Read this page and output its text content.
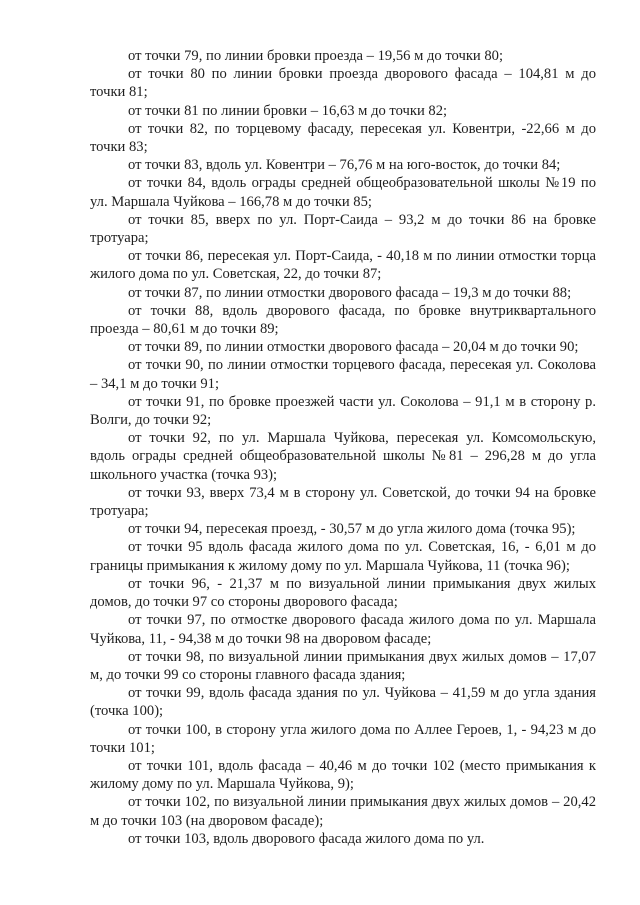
от точки 79, по линии бровки проезда – 19,56 м до точки 80;

от точки 80 по линии бровки проезда дворового фасада – 104,81 м до точки 81;

от точки 81 по линии бровки – 16,63 м до точки 82;

от точки 82, по торцевому фасаду, пересекая ул. Ковентри, -22,66 м до точки 83;

от точки 83, вдоль ул. Ковентри – 76,76 м на юго-восток, до точки 84;

от точки 84, вдоль ограды средней общеобразовательной школы №19 по ул. Маршала Чуйкова – 166,78 м до точки 85;

от точки 85, вверх по ул. Порт-Саида – 93,2 м до точки 86 на бровке тротуара;

от точки 86, пересекая ул. Порт-Саида, - 40,18 м по линии отмостки торца жилого дома по ул. Советская, 22, до точки 87;

от точки 87, по линии отмостки дворового фасада – 19,3 м до точки 88;

от точки 88, вдоль дворового фасада, по бровке внутриквартального проезда – 80,61 м до точки 89;

от точки 89, по линии отмостки дворового фасада – 20,04 м до точки 90;

от точки 90, по линии отмостки торцевого фасада, пересекая ул. Соколова – 34,1 м до точки 91;

от точки 91, по бровке проезжей части ул. Соколова – 91,1 м в сторону р. Волги, до точки 92;

от точки 92, по ул. Маршала Чуйкова, пересекая ул. Комсомольскую, вдоль ограды средней общеобразовательной школы №81 – 296,28 м до угла школьного участка (точка 93);

от точки 93, вверх 73,4 м в сторону ул. Советской, до точки 94 на бровке тротуара;

от точки 94, пересекая проезд, - 30,57 м до угла жилого дома (точка 95);

от точки 95 вдоль фасада жилого дома по ул. Советская, 16, - 6,01 м до границы примыкания к жилому дому по ул. Маршала Чуйкова, 11 (точка 96);

от точки 96, - 21,37 м по визуальной линии примыкания двух жилых домов, до точки 97 со стороны дворового фасада;

от точки 97, по отмостке дворового фасада жилого дома по ул. Маршала Чуйкова, 11, - 94,38 м до точки 98 на дворовом фасаде;

от точки 98, по визуальной линии примыкания двух жилых домов – 17,07 м, до точки 99 со стороны главного фасада здания;

от точки 99, вдоль фасада здания по ул. Чуйкова – 41,59 м до угла здания (точка 100);

от точки 100, в сторону угла жилого дома по Аллее Героев, 1, - 94,23 м до точки 101;

от точки 101, вдоль фасада – 40,46 м до точки 102 (место примыкания к жилому дому по ул. Маршала Чуйкова, 9);

от точки 102, по визуальной линии примыкания двух жилых домов – 20,42 м до точки 103 (на дворовом фасаде);

от точки 103, вдоль дворового фасада жилого дома по ул.
